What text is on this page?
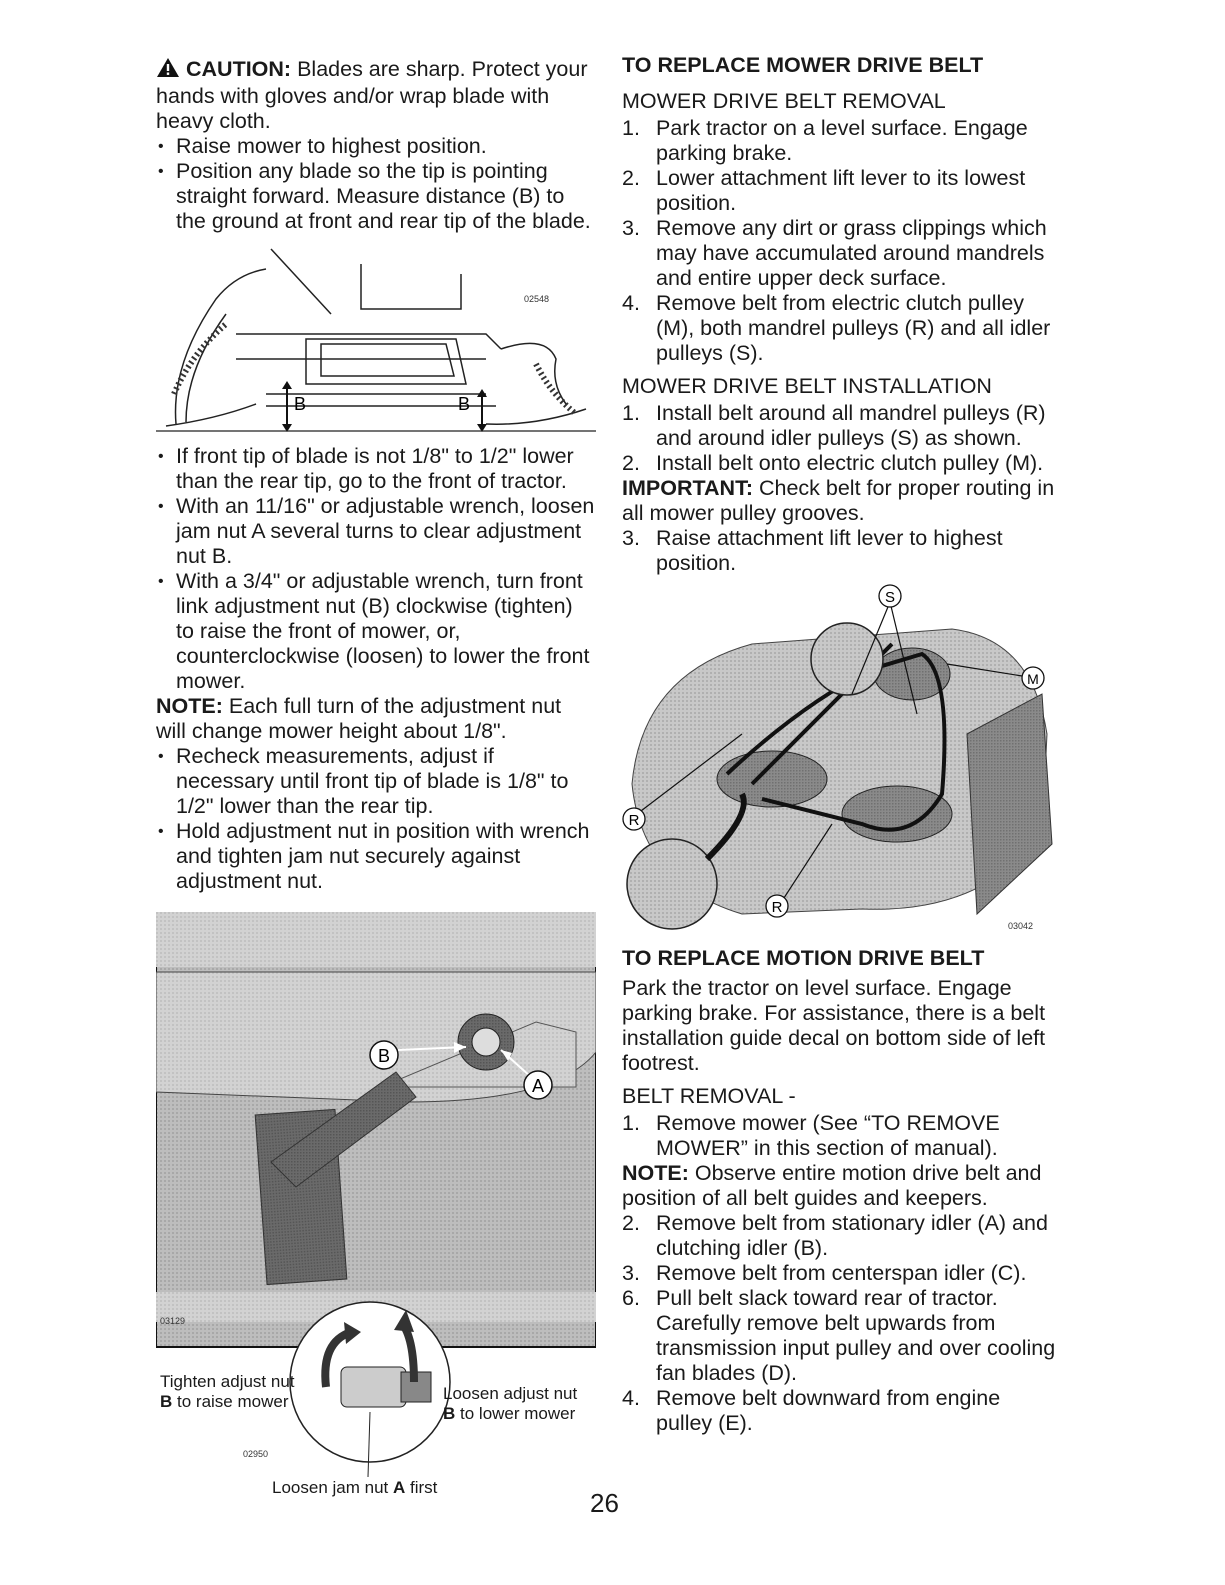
CAUTION: Blades are sharp. Protect your hands with gloves and/or wrap blade with heavy cloth.

• Raise mower to highest position.
• Position any blade so the tip is pointing straight forward. Measure distance (B) to the ground at front and rear tip of the blade.
02548
B	B
• If front tip of blade is not 1/8" to 1/2" lower than the rear tip, go to the front of tractor.
• With an 11/16" or adjustable wrench, loosen jam nut A several turns to clear adjustment nut B.
• With a 3/4" or adjustable wrench, turn front link adjustment nut (B) clockwise (tighten) to raise the front of mower, or, counterclockwise (loosen) to lower the front mower.

NOTE: Each full turn of the adjustment nut will change mower height about 1/8".

• Recheck measurements, adjust if necessary until front tip of blade is 1/8" to 1/2" lower than the rear tip.
• Hold adjustment nut in position with wrench and tighten jam nut securely against adjustment nut.
B
A
03129
02950
Tighten adjust nut
B to raise mower	Loosen adjust nut
B to lower mower
Loosen jam nut A first
TO REPLACE MOWER DRIVE BELT

MOWER DRIVE BELT REMOVAL

1. Park tractor on a level surface. Engage parking brake.
2. Lower attachment lift lever to its lowest position.
3. Remove any dirt or grass clippings which may have accumulated around mandrels and entire upper deck surface.
4. Remove belt from electric clutch pulley (M), both mandrel pulleys (R) and all idler pulleys (S).

MOWER DRIVE BELT INSTALLATION

1. Install belt around all mandrel pulleys (R) and around idler pulleys (S) as shown.
2. Install belt onto electric clutch pulley (M).

IMPORTANT: Check belt for proper routing in all mower pulley grooves.

3. Raise attachment lift lever to highest position.
S
M
R
R
03042
TO REPLACE MOTION DRIVE BELT

Park the tractor on level surface. Engage parking brake. For assistance, there is a belt installation guide decal on bottom side of left footrest.

BELT REMOVAL -

1. Remove mower (See “TO REMOVE MOWER” in this section of manual).

NOTE: Observe entire motion drive belt and position of all belt guides and keepers.

2. Remove belt from stationary idler (A) and clutching idler (B).
3. Remove belt from centerspan idler (C).
6. Pull belt slack toward rear of tractor. Carefully remove belt upwards from transmission input pulley and over cooling fan blades (D).
4. Remove belt downward from engine pulley (E).
26
